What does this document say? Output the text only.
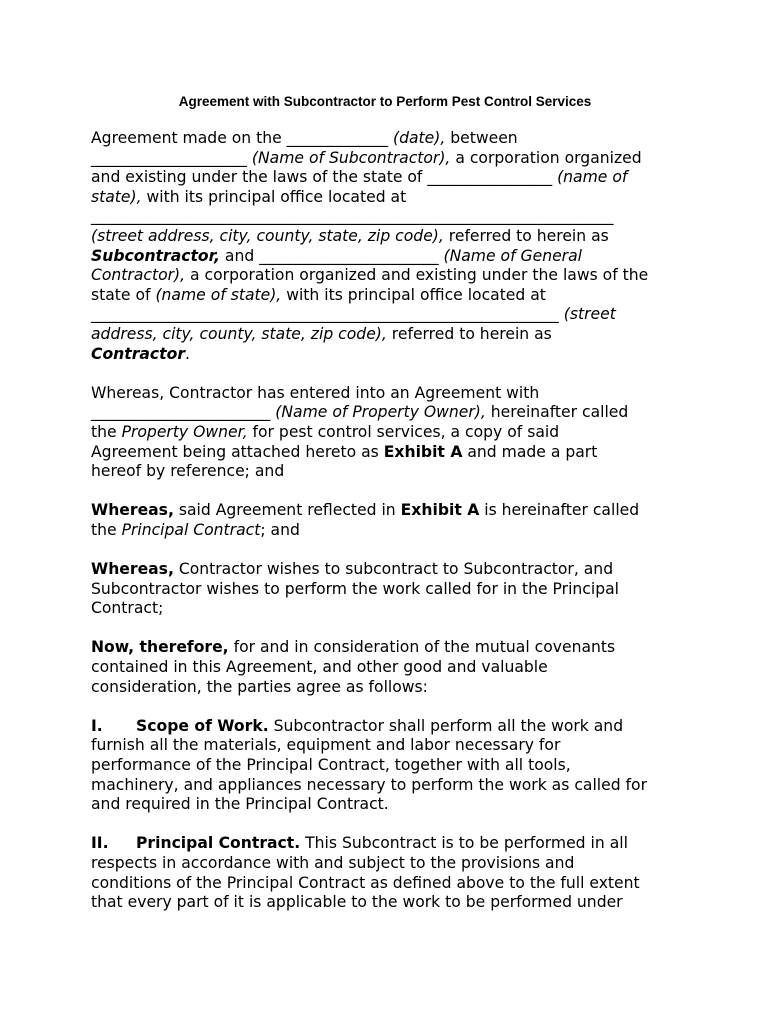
Agreement with Subcontractor to Perform Pest Control Services
Agreement made on the _____________ (date), between
____________________ (Name of Subcontractor), a corporation organized
and existing under the laws of the state of ________________ (name of
state), with its principal office located at
___________________________________________________________________
(street address, city, county, state, zip code), referred to herein as
Subcontractor, and _______________________ (Name of General
Contractor), a corporation organized and existing under the laws of the
state of (name of state), with its principal office located at
____________________________________________________________ (street
address, city, county, state, zip code), referred to herein as
Contractor.
Whereas, Contractor has entered into an Agreement with
_______________________ (Name of Property Owner), hereinafter called
the Property Owner, for pest control services, a copy of said
Agreement being attached hereto as Exhibit A and made a part
hereof by reference; and
Whereas, said Agreement reflected in Exhibit A is hereinafter called
the Principal Contract; and
Whereas, Contractor wishes to subcontract to Subcontractor, and
Subcontractor wishes to perform the work called for in the Principal
Contract;
Now, therefore, for and in consideration of the mutual covenants
contained in this Agreement, and other good and valuable
consideration, the parties agree as follows:
I. Scope of Work. Subcontractor shall perform all the work and
furnish all the materials, equipment and labor necessary for
performance of the Principal Contract, together with all tools,
machinery, and appliances necessary to perform the work as called for
and required in the Principal Contract.
II. Principal Contract. This Subcontract is to be performed in all
respects in accordance with and subject to the provisions and
conditions of the Principal Contract as defined above to the full extent
that every part of it is applicable to the work to be performed under
